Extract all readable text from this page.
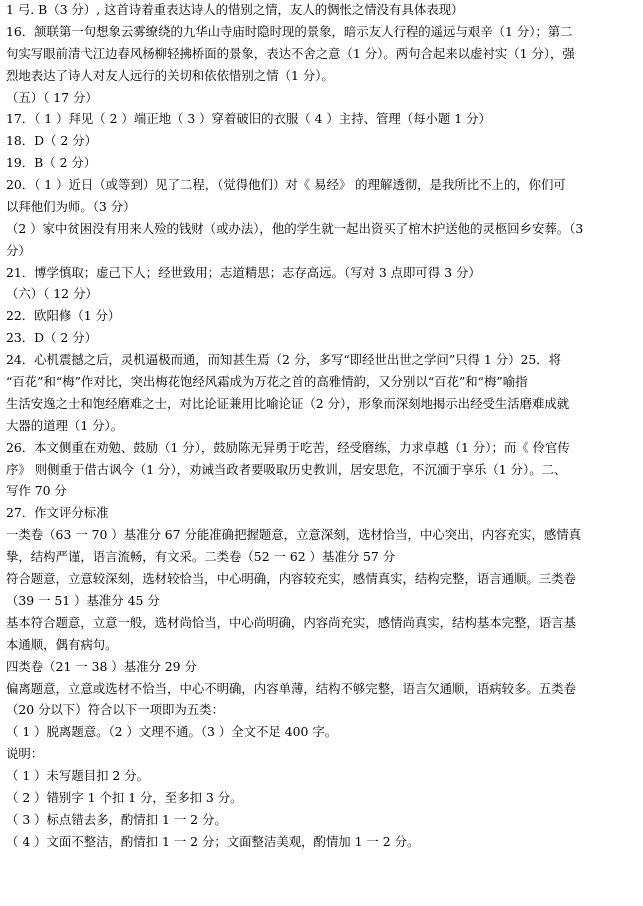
1 弓. B（3 分）, 这首诗着重表达诗人的惜别之情，友人的惆怅之情没有具体表现）
16．颔联第一句想象云雾缭绕的九华山寺庙时隐时现的景象，暗示友人行程的遥远与艰辛（1 分）；第二
句实写眼前清弋江边春风杨柳轻拂桥面的景象，表达不舍之意（1 分）。两句合起来以虚衬实（1 分），强
烈地表达了诗人对友人远行的关切和依依惜别之情（1 分）。
（五）（ 17 分）
17．（ 1 ）拜见（ 2 ）端正地（ 3 ）穿着破旧的衣服（ 4 ）主持、管理（每小题 1 分）
18．D（ 2 分）
19．B（ 2 分）
20．（ 1 ）近日（或等到）见了二程，（觉得他们）对《 易经》 的理解透彻，是我所比不上的，你们可
以拜他们为师。（3 分）
（2 ）家中贫困没有用来人殓的钱财（或办法），他的学生就一起出资买了棺木护送他的灵柩回乡安葬。（3
分）
21．博学慎取；虚己下人；经世致用；志道精思；志存高远。（写对 3 点即可得 3 分）
（六）（ 12 分）
22．欧阳修（1 分）
23．D（ 2 分）
24．心机震撼之后，灵机逼极而通，而知甚生焉（2 分，多写“即经世出世之学问”只得 1 分）25．将
“百花”和“梅”作对比，突出梅花饱经风霜成为万花之首的高雅情韵，又分别以“百花”和“梅”喻指
生活安逸之士和饱经磨难之士，对比论证兼用比喻论证（2 分），形象而深刻地揭示出经受生活磨难成就
大器的道理（1 分）。
26．本文侧重在劝勉、鼓励（1 分），鼓励陈无异勇于吃苦，经受磨练，力求卓越（1 分）；而《 伶官传
序》 则侧重于借古讽今（1 分），劝诫当政者要吸取历史教训，居安思危，不沉湎于享乐（1 分）。二、
写作 70 分
27．作文评分标准
一类卷（63 一 70 ）基准分 67 分能准确把握题意，立意深刻，选材恰当，中心突出，内容充实，感情真
挚，结构严谨，语言流畅，有文采。二类卷（52 一 62 ）基准分 57 分
符合题意，立意较深刻，选材较恰当，中心明确，内容较充实，感情真实，结构完整，语言通顺。三类卷
（39 一 51 ）基准分 45 分
基本符合题意，立意一般，选材尚恰当，中心尚明确，内容尚充实，感情尚真实，结构基本完整，语言基
本通顺，偶有病句。
四类卷（21 一 38 ）基准分 29 分
偏离题意，立意或选材不恰当，中心不明确，内容单薄，结构不够完整，语言欠通顺，语病较多。五类卷
（20 分以下）符合以下一项即为五类：
（ 1 ）脱离题意。（2 ）文理不通。（3 ）全文不足 400 字。
说明：
（ 1 ）未写题目扣 2 分。
（ 2 ）错别字 1 个扣 1 分，至多扣 3 分。
（ 3 ）标点错去多，酌情扣 1 一 2 分。
（ 4 ）文面不整洁，酌情扣 1 一 2 分；文面整洁美观，酌情加 1 一 2 分。
